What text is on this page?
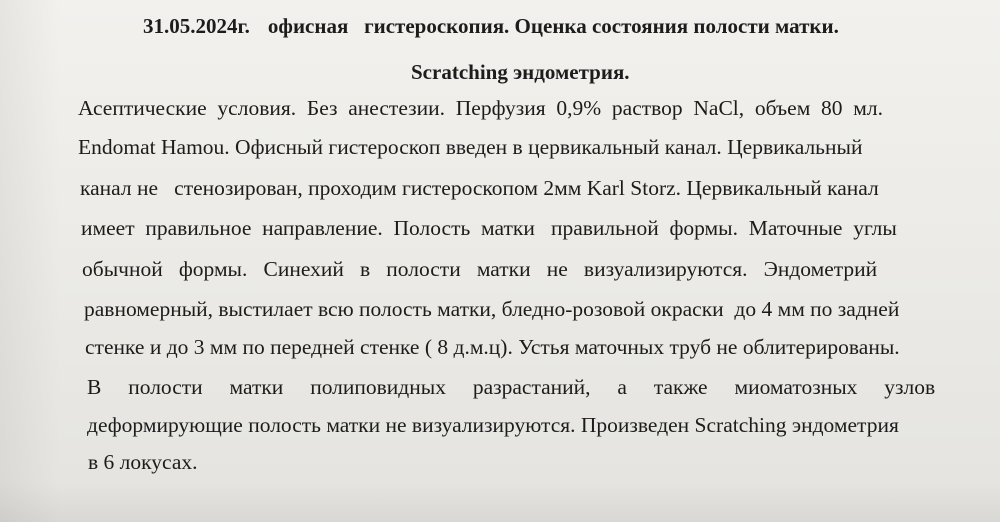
31.05.2024г. офисная   гистероскопия. Оценка состояния полости матки.
Scratching эндометрия.
Асептические  условия.  Без  анестезии.  Перфузия  0,9%  раствор  NaCl,  объем  80  мл.
Endomat Hamou. Офисный гистероскоп введен в цервикальный канал. Цервикальный
канал не   стенозирован, проходим гистероскопом 2мм Karl Storz. Цервикальный канал
имеет  правильное  направление.  Полость  матки   правильной  формы.  Маточные  углы
обычной   формы.   Синехий   в   полости   матки   не   визуализируются.   Эндометрий
равномерный, выстилает всю полость матки, бледно-розовой окраски  до 4 мм по задней
стенке и до 3 мм по передней стенке ( 8 д.м.ц). Устья маточных труб не облитерированы.
В     полости     матки     полиповидных     разрастаний,     а     также     миоматозных     узлов
деформирующие полость матки не визуализируются. Произведен Scratching эндометрия
в 6 локусах.
